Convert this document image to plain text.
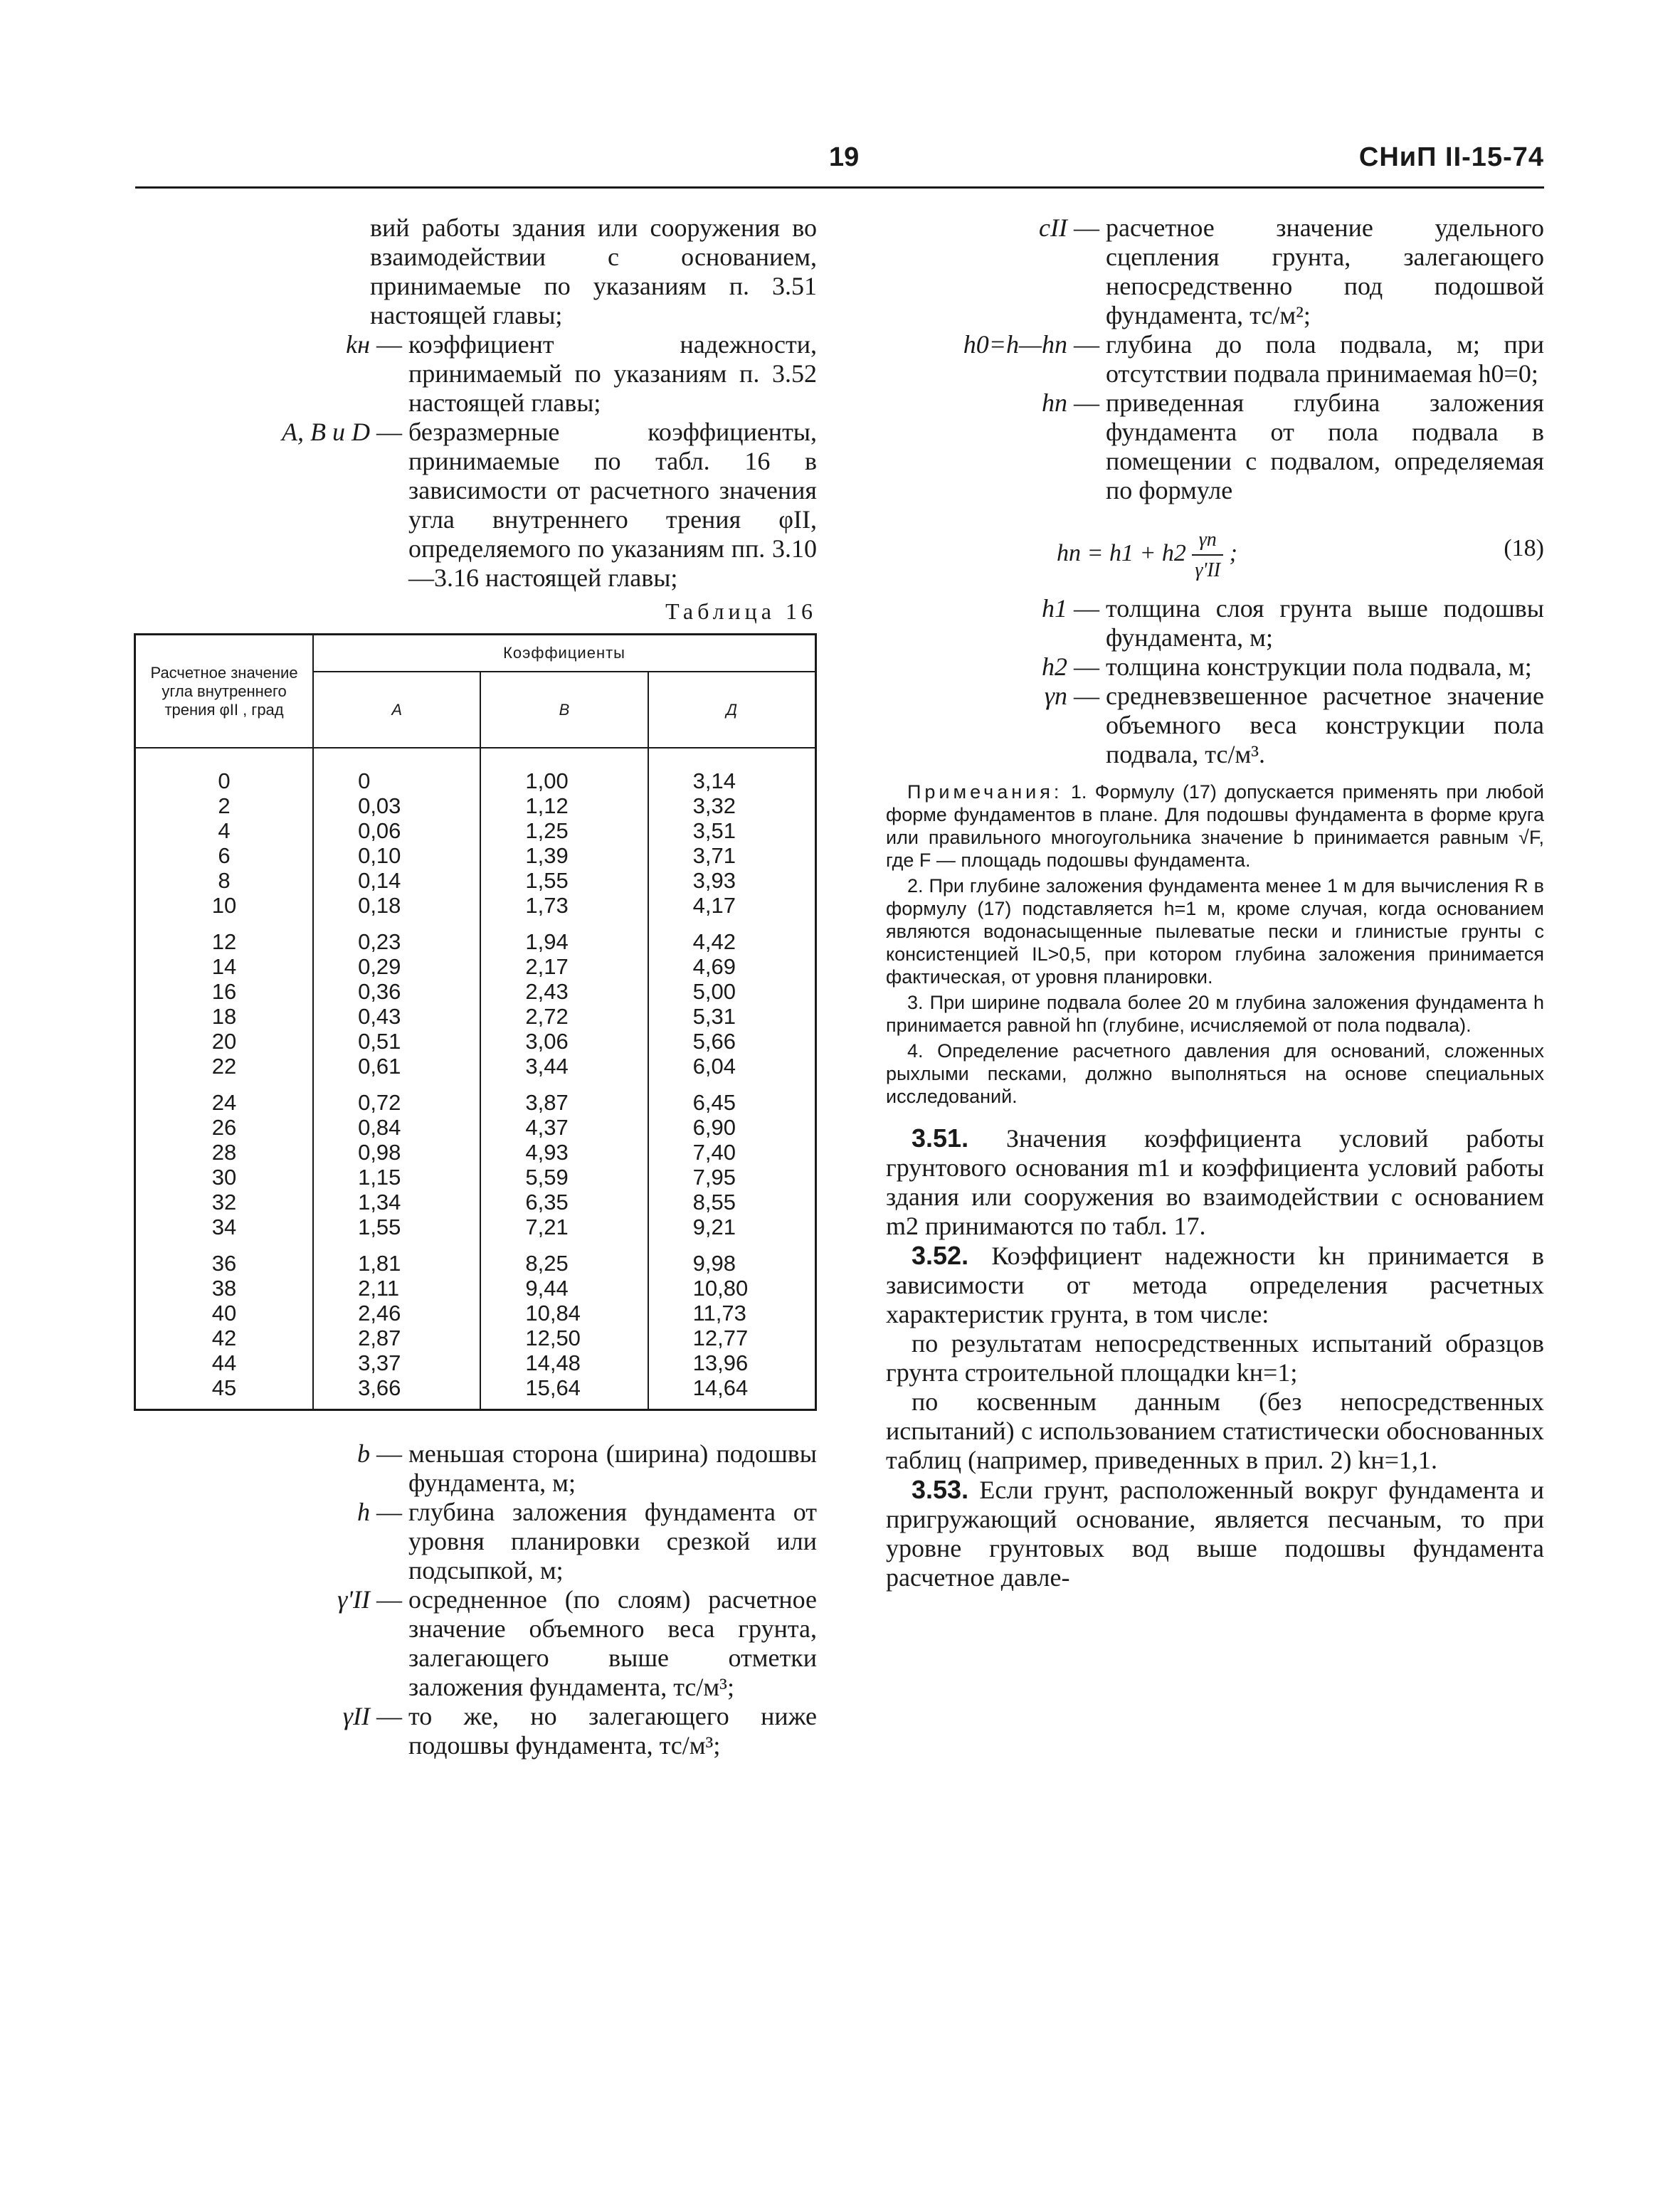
19	СНиП II-15-74
вий работы здания или сооружения во взаимодействии с основанием, принимаемые по указаниям п. 3.51 настоящей главы;
kн — коэффициент надежности, принимаемый по указаниям п. 3.52 настоящей главы;
A, B и D — безразмерные коэффициенты, принимаемые по табл. 16 в зависимости от расчетного значения угла внутреннего трения φII, определяемого по указаниям пп. 3.10—3.16 настоящей главы;
Таблица 16
Расчетное значение угла внутреннего трения φII , град	Коэффициенты		
	A	B	Д
0	0	1,00	3,14
2	0,03	1,12	3,32
4	0,06	1,25	3,51
6	0,10	1,39	3,71
8	0,14	1,55	3,93
10	0,18	1,73	4,17
12	0,23	1,94	4,42
14	0,29	2,17	4,69
16	0,36	2,43	5,00
18	0,43	2,72	5,31
20	0,51	3,06	5,66
22	0,61	3,44	6,04
24	0,72	3,87	6,45
26	0,84	4,37	6,90
28	0,98	4,93	7,40
30	1,15	5,59	7,95
32	1,34	6,35	8,55
34	1,55	7,21	9,21
36	1,81	8,25	9,98
38	2,11	9,44	10,80
40	2,46	10,84	11,73
42	2,87	12,50	12,77
44	3,37	14,48	13,96
45	3,66	15,64	14,64
b — меньшая сторона (ширина) подошвы фундамента, м;
h — глубина заложения фундамента от уровня планировки срезкой или подсыпкой, м;
γ'II — осредненное (по слоям) расчетное значение объемного веса грунта, залегающего выше отметки заложения фундамента, тс/м³;
γII — то же, но залегающего ниже подошвы фундамента, тс/м³;
cII — расчетное значение удельного сцепления грунта, залегающего непосредственно под подошвой фундамента, тс/м²;
h0=h—hп — глубина до пола подвала, м; при отсутствии подвала принимаемая h0=0;
hп — приведенная глубина заложения фундамента от пола подвала в помещении с подвалом, определяемая по формуле
hп = $h1 + h2 \frac{\gamma п}{\gamma'II}$ ;	(18)
h1 — толщина слоя грунта выше подошвы фундамента, м;
h2 — толщина конструкции пола подвала, м;
γп — средневзвешенное расчетное значение объемного веса конструкции пола подвала, тс/м³.

Примечания: 1. Формулу (17) допускается применять при любой форме фундаментов в плане. Для подошвы фундамента в форме круга или правильного многоугольника значение b принимается равным √F, где F — площадь подошвы фундамента.

2. При глубине заложения фундамента менее 1 м для вычисления R в формулу (17) подставляется h=1 м, кроме случая, когда основанием являются водонасыщенные пылеватые пески и глинистые грунты с консистенцией IL>0,5, при котором глубина заложения принимается фактическая, от уровня планировки.

3. При ширине подвала более 20 м глубина заложения фундамента h принимается равной hп (глубине, исчисляемой от пола подвала).

4. Определение расчетного давления для оснований, сложенных рыхлыми песками, должно выполняться на основе специальных исследований.

3.51. Значения коэффициента условий работы грунтового основания m1 и коэффициента условий работы здания или сооружения во взаимодействии с основанием m2 принимаются по табл. 17.

3.52. Коэффициент надежности kн принимается в зависимости от метода определения расчетных характеристик грунта, в том числе:

по результатам непосредственных испытаний образцов грунта строительной площадки kн=1;

по косвенным данным (без непосредственных испытаний) с использованием статистически обоснованных таблиц (например, приведенных в прил. 2) kн=1,1.

3.53. Если грунт, расположенный вокруг фундамента и пригружающий основание, является песчаным, то при уровне грунтовых вод выше подошвы фундамента расчетное давле-
